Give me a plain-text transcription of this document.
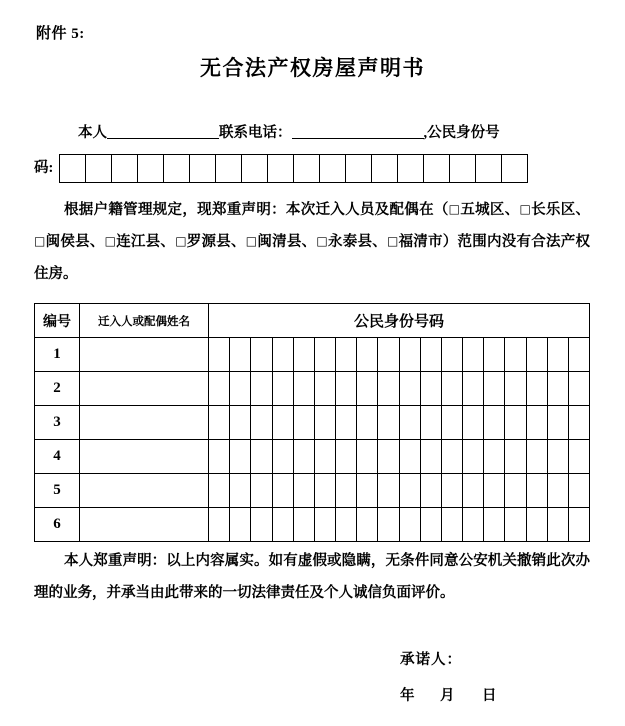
附件 5:
无合法产权房屋声明书
本人	联系电话：	,公民身份号
码:
根据户籍管理规定，现郑重声明：本次迁入人员及配偶在（□五城区、□长乐区、□闽侯县、□连江县、□罗源县、□闽清县、□永泰县、□福清市）范围内没有合法产权住房。
编号	迁入人或配偶姓名	公民身份号码
1		

2		

3		

4		

5		

6		
本人郑重声明：以上内容属实。如有虚假或隐瞒，无条件同意公安机关撤销此次办理的业务，并承当由此带来的一切法律责任及个人诚信负面评价。
承诺人：
年 月 日
